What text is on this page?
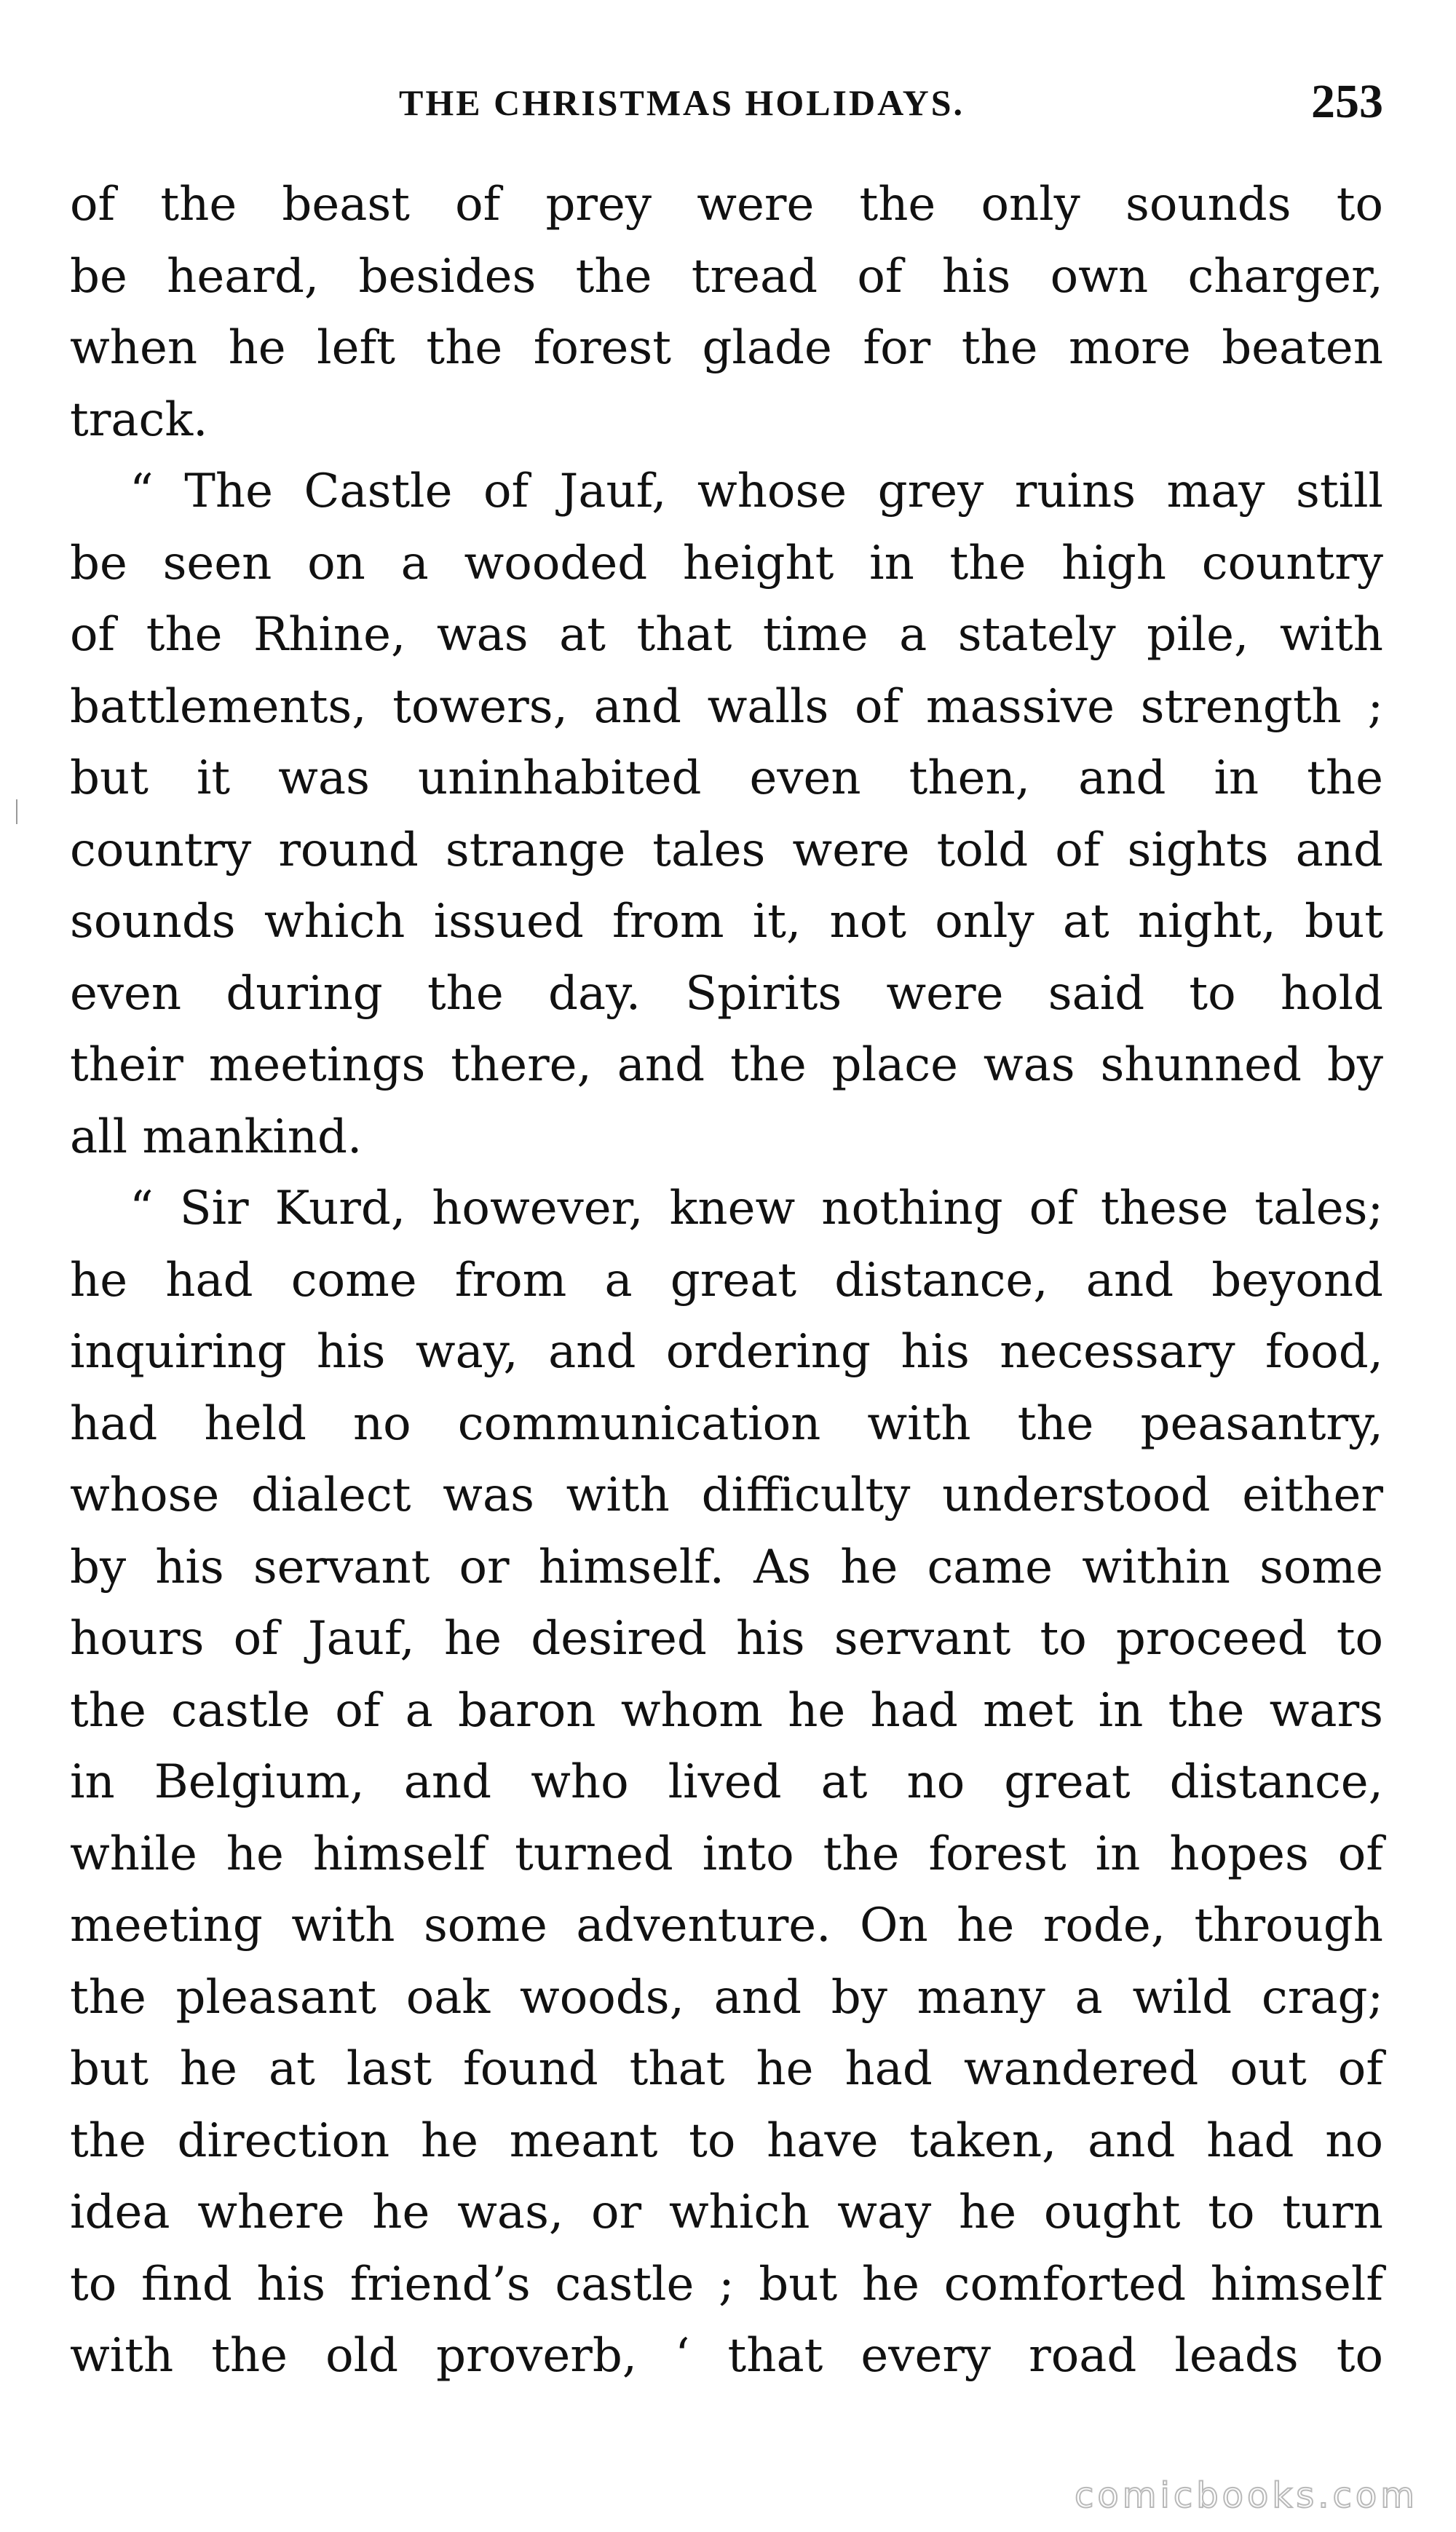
THE CHRISTMAS HOLIDAYS.	253
of the beast of prey were the only sounds to
be heard, besides the tread of his own charger,
when he left the forest glade for the more beaten
track.
“ The Castle of Jauf, whose grey ruins may still
be seen on a wooded height in the high country
of the Rhine, was at that time a stately pile, with
battlements, towers, and walls of massive strength ;
but it was uninhabited even then, and in the
country round strange tales were told of sights and
sounds which issued from it, not only at night, but
even during the day. Spirits were said to hold
their meetings there, and the place was shunned by
all mankind.
“ Sir Kurd, however, knew nothing of these tales;
he had come from a great distance, and beyond
inquiring his way, and ordering his necessary food,
had held no communication with the peasantry,
whose dialect was with difficulty understood either
by his servant or himself. As he came within some
hours of Jauf, he desired his servant to proceed to
the castle of a baron whom he had met in the wars
in Belgium, and who lived at no great distance,
while he himself turned into the forest in hopes of
meeting with some adventure. On he rode, through
the pleasant oak woods, and by many a wild crag;
but he at last found that he had wandered out of
the direction he meant to have taken, and had no
idea where he was, or which way he ought to turn
to find his friend’s castle ; but he comforted himself
with the old proverb, ‘ that every road leads to
comicbooks.com
